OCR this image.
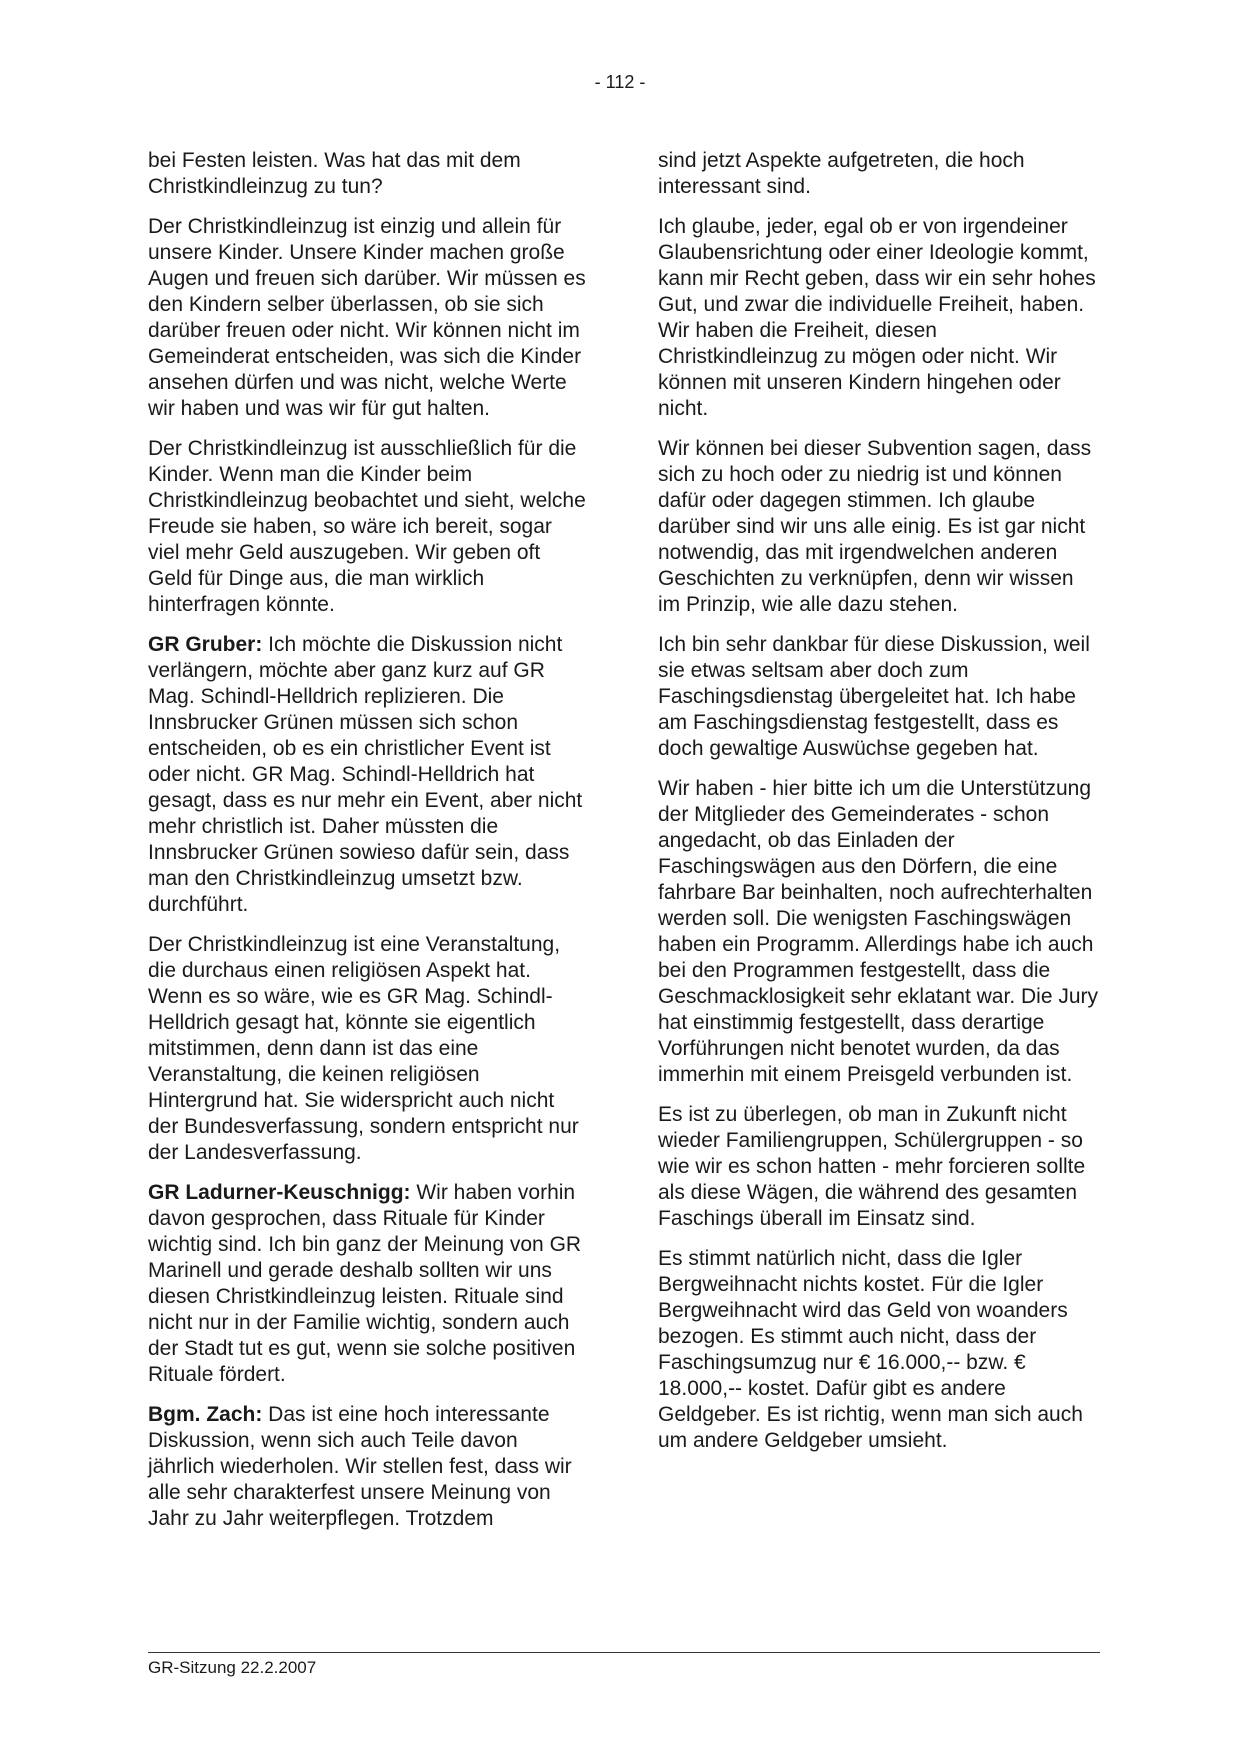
- 112 -

bei Festen leisten. Was hat das mit dem Christkindleinzug zu tun?

Der Christkindleinzug ist einzig und allein für unsere Kinder. Unsere Kinder machen große Augen und freuen sich darüber. Wir müssen es den Kindern selber überlassen, ob sie sich darüber freuen oder nicht. Wir können nicht im Gemeinderat entscheiden, was sich die Kinder ansehen dürfen und was nicht, welche Werte wir haben und was wir für gut halten.

Der Christkindleinzug ist ausschließlich für die Kinder. Wenn man die Kinder beim Christkindleinzug beobachtet und sieht, welche Freude sie haben, so wäre ich bereit, sogar viel mehr Geld auszugeben. Wir geben oft Geld für Dinge aus, die man wirklich hinterfragen könnte.

GR Gruber: Ich möchte die Diskussion nicht verlängern, möchte aber ganz kurz auf GR Mag. Schindl-Helldrich replizieren. Die Innsbrucker Grünen müssen sich schon entscheiden, ob es ein christlicher Event ist oder nicht. GR Mag. Schindl-Helldrich hat gesagt, dass es nur mehr ein Event, aber nicht mehr christlich ist. Daher müssten die Innsbrucker Grünen sowieso dafür sein, dass man den Christkindleinzug umsetzt bzw. durchführt.

Der Christkindleinzug ist eine Veranstaltung, die durchaus einen religiösen Aspekt hat. Wenn es so wäre, wie es GR Mag. Schindl-Helldrich gesagt hat, könnte sie eigentlich mitstimmen, denn dann ist das eine Veranstaltung, die keinen religiösen Hintergrund hat. Sie widerspricht auch nicht der Bundesverfassung, sondern entspricht nur der Landesverfassung.

GR Ladurner-Keuschnigg: Wir haben vorhin davon gesprochen, dass Rituale für Kinder wichtig sind. Ich bin ganz der Meinung von GR Marinell und gerade deshalb sollten wir uns diesen Christkindleinzug leisten. Rituale sind nicht nur in der Familie wichtig, sondern auch der Stadt tut es gut, wenn sie solche positiven Rituale fördert.

Bgm. Zach: Das ist eine hoch interessante Diskussion, wenn sich auch Teile davon jährlich wiederholen. Wir stellen fest, dass wir alle sehr charakterfest unsere Meinung von Jahr zu Jahr weiterpflegen. Trotzdem

sind jetzt Aspekte aufgetreten, die hoch interessant sind.

Ich glaube, jeder, egal ob er von irgendeiner Glaubensrichtung oder einer Ideologie kommt, kann mir Recht geben, dass wir ein sehr hohes Gut, und zwar die individuelle Freiheit, haben. Wir haben die Freiheit, diesen Christkindleinzug zu mögen oder nicht. Wir können mit unseren Kindern hingehen oder nicht.

Wir können bei dieser Subvention sagen, dass sich zu hoch oder zu niedrig ist und können dafür oder dagegen stimmen. Ich glaube darüber sind wir uns alle einig. Es ist gar nicht notwendig, das mit irgendwelchen anderen Geschichten zu verknüpfen, denn wir wissen im Prinzip, wie alle dazu stehen.

Ich bin sehr dankbar für diese Diskussion, weil sie etwas seltsam aber doch zum Faschingsdienstag übergeleitet hat. Ich habe am Faschingsdienstag festgestellt, dass es doch gewaltige Auswüchse gegeben hat.

Wir haben - hier bitte ich um die Unterstützung der Mitglieder des Gemeinderates - schon angedacht, ob das Einladen der Faschingswägen aus den Dörfern, die eine fahrbare Bar beinhalten, noch aufrechterhalten werden soll. Die wenigsten Faschingswägen haben ein Programm. Allerdings habe ich auch bei den Programmen festgestellt, dass die Geschmacklosigkeit sehr eklatant war. Die Jury hat einstimmig festgestellt, dass derartige Vorführungen nicht benotet wurden, da das immerhin mit einem Preisgeld verbunden ist.

Es ist zu überlegen, ob man in Zukunft nicht wieder Familiengruppen, Schülergruppen - so wie wir es schon hatten - mehr forcieren sollte als diese Wägen, die während des gesamten Faschings überall im Einsatz sind.

Es stimmt natürlich nicht, dass die Igler Bergweihnacht nichts kostet. Für die Igler Bergweihnacht wird das Geld von woanders bezogen. Es stimmt auch nicht, dass der Faschingsumzug nur € 16.000,-- bzw. € 18.000,-- kostet. Dafür gibt es andere Geldgeber. Es ist richtig, wenn man sich auch um andere Geldgeber umsieht.

GR-Sitzung 22.2.2007
